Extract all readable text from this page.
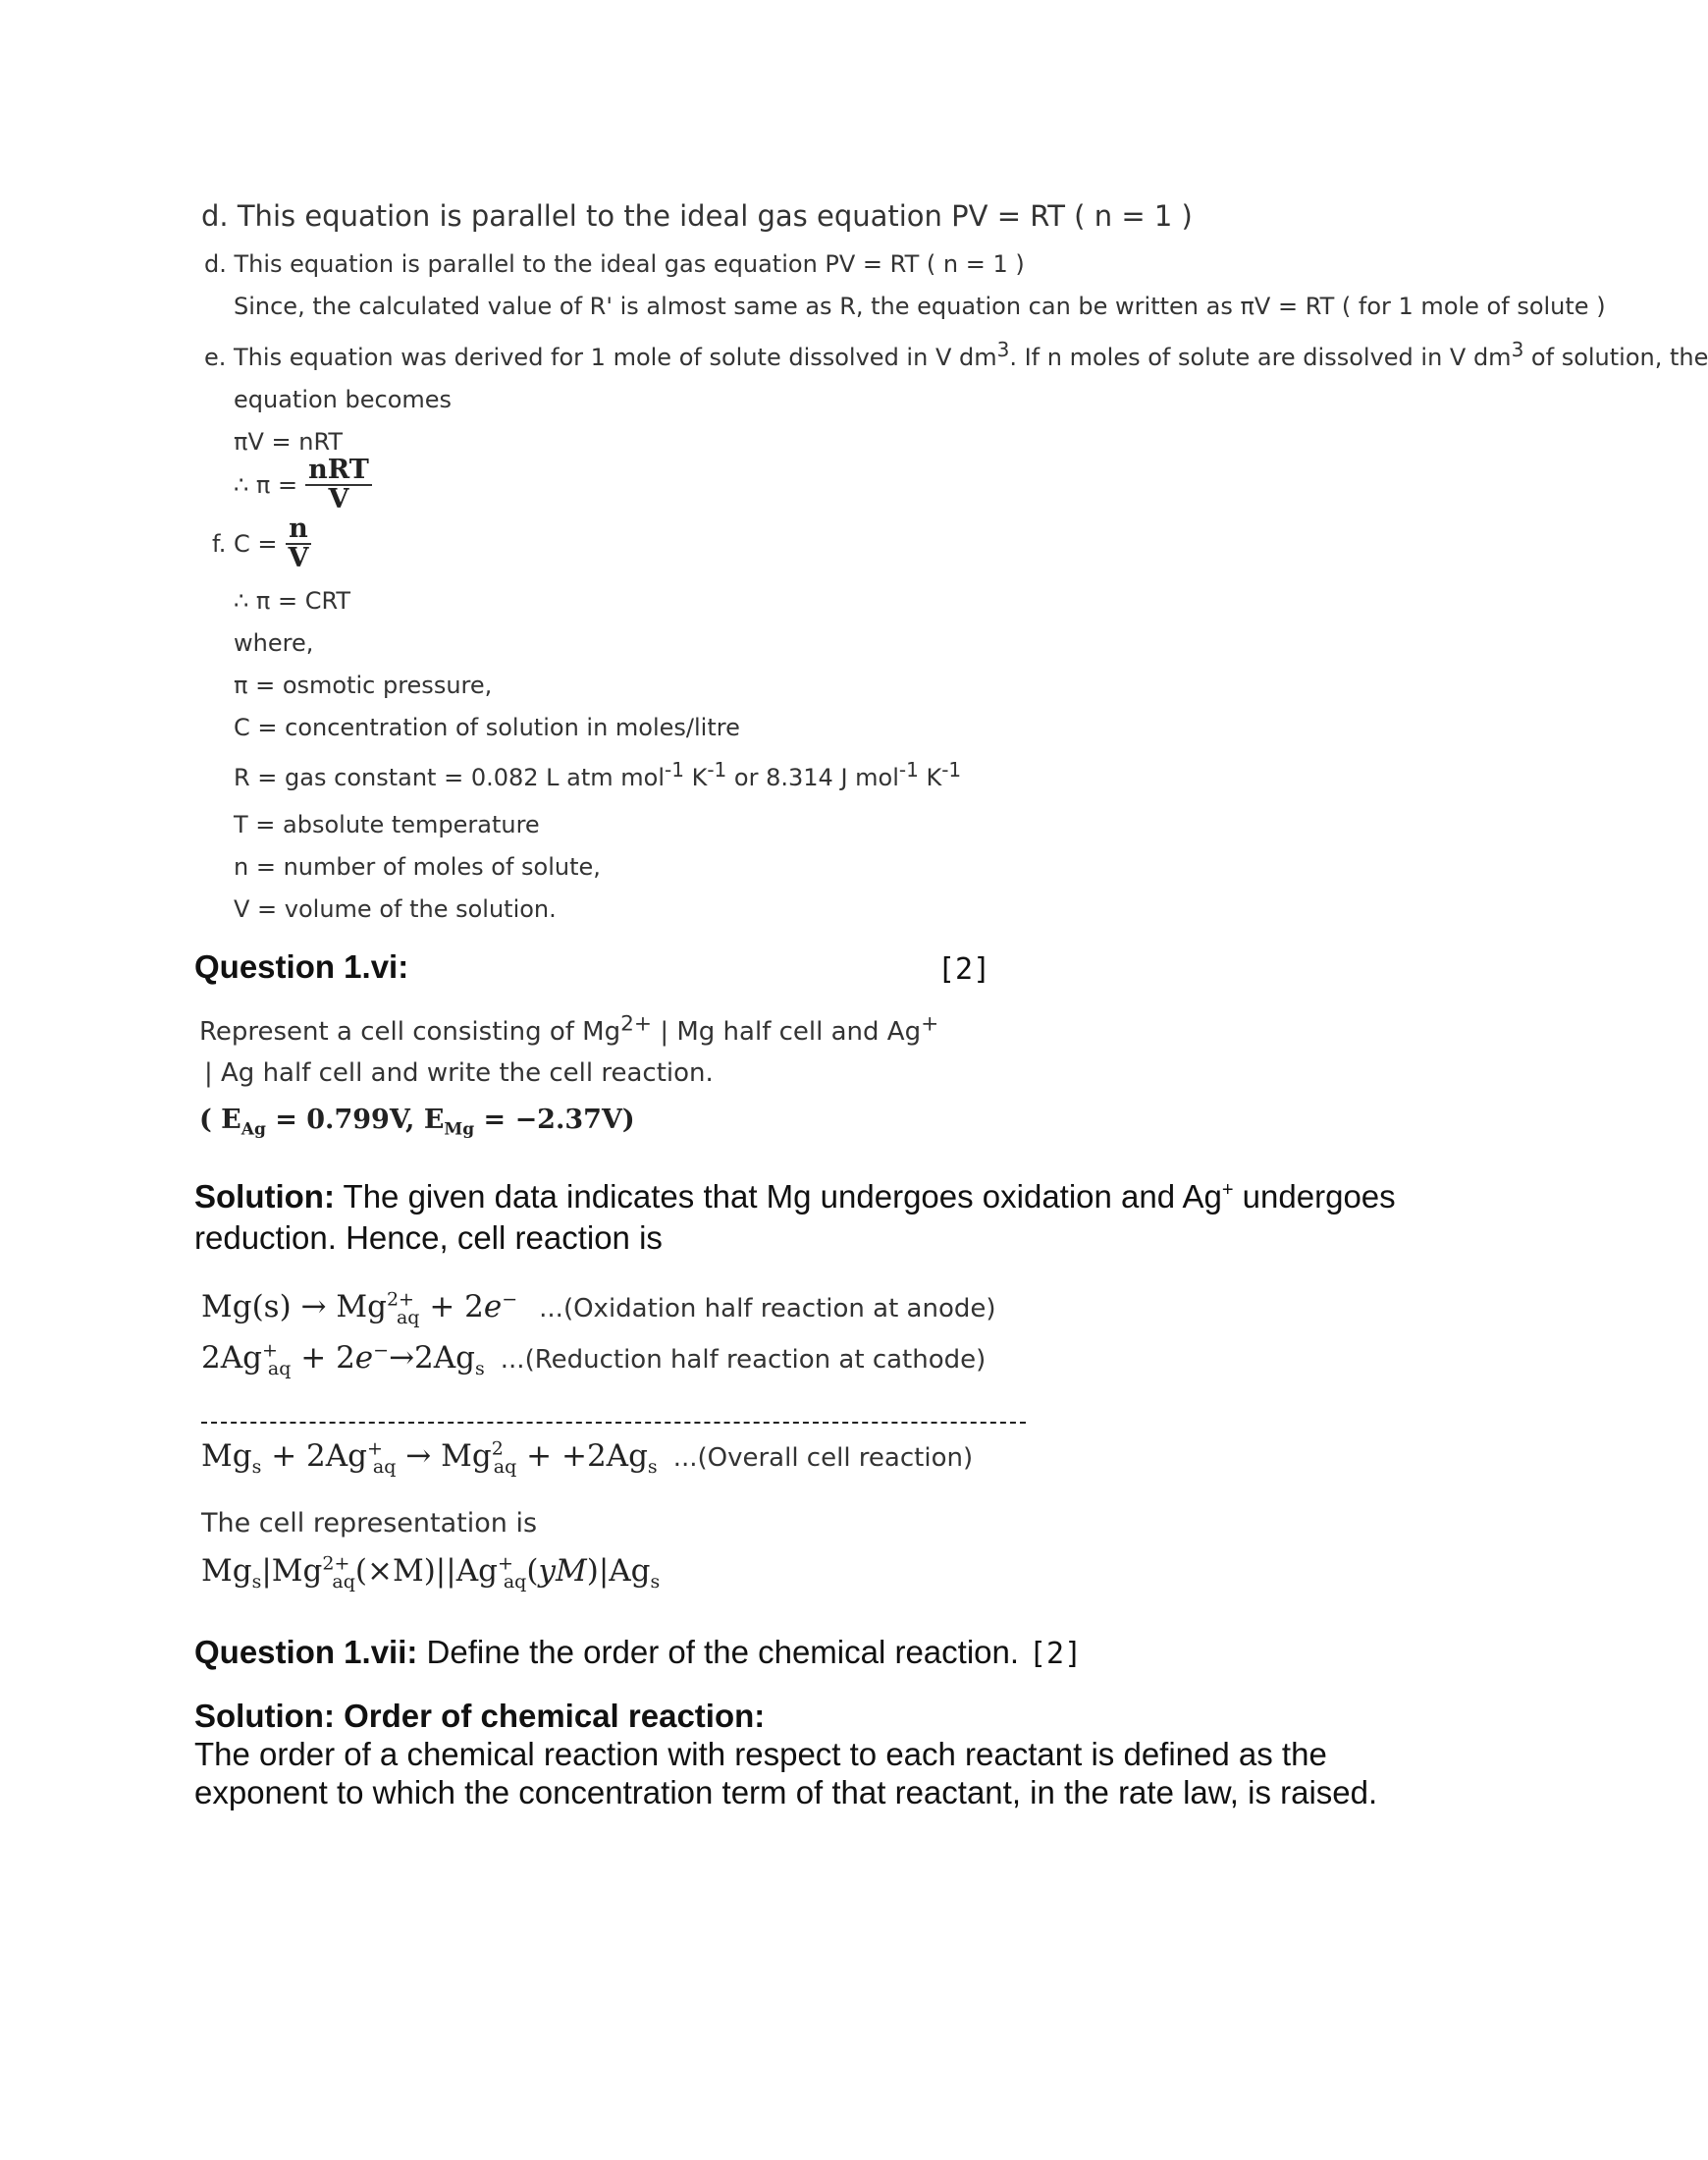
d. This equation is parallel to the ideal gas equation PV = RT ( n = 1 )
d. This equation is parallel to the ideal gas equation PV = RT ( n = 1 )
Since, the calculated value of R' is almost same as R, the equation can be written as πV = RT ( for 1 mole of solute )
e. This equation was derived for 1 mole of solute dissolved in V $dm^3$. If n moles of solute are dissolved in V $dm^3$ of solution, the
equation becomes
πV = nRT
∴ $\pi = \frac{\text{nRT}}{V}$
f. $C = \frac{n}{V}$
∴ π = CRT
where,
π = osmotic pressure,
C = concentration of solution in moles/litre
R = gas constant = 0.082 L atm mol$^{-1}$ $K^{-1}$ or 8.314 J mol$^{-1}$ $K^{-1}$
T = absolute temperature
n = number of moles of solute,
V = volume of the solution.
Question 1.vi:	[2]
Represent a cell consisting of $Mg^{2+}$ | Mg half cell and Ag+
| Ag half cell and write the cell reaction.
( $E_{Ag} = 0.799V$, $E_{Mg} = -2.37V$)
Solution: The given data indicates that Mg undergoes oxidation and Ag+ undergoes
reduction. Hence, cell reaction is
$Mg(s) \to Mg^{2+}_{aq} + 2e^-$ ...(Oxidation half reaction at anode)
$2Ag^+_{aq} + 2e^-\to 2Ag_s$ ...(Reduction half reaction at cathode)
$Mg_s + 2Ag^+_{aq} \to Mg^2_{aq} + +2Ag_s$ ...(Overall cell reaction)
The cell representation is
$Mg_s|Mg^{2+}_{aq}(\times M)||Ag^+_{aq}(yM)|Ag_s$
Question 1.vii: Define the order of the chemical reaction. [2]
Solution: Order of chemical reaction:
The order of a chemical reaction with respect to each reactant is defined as the
exponent to which the concentration term of that reactant, in the rate law, is raised.
